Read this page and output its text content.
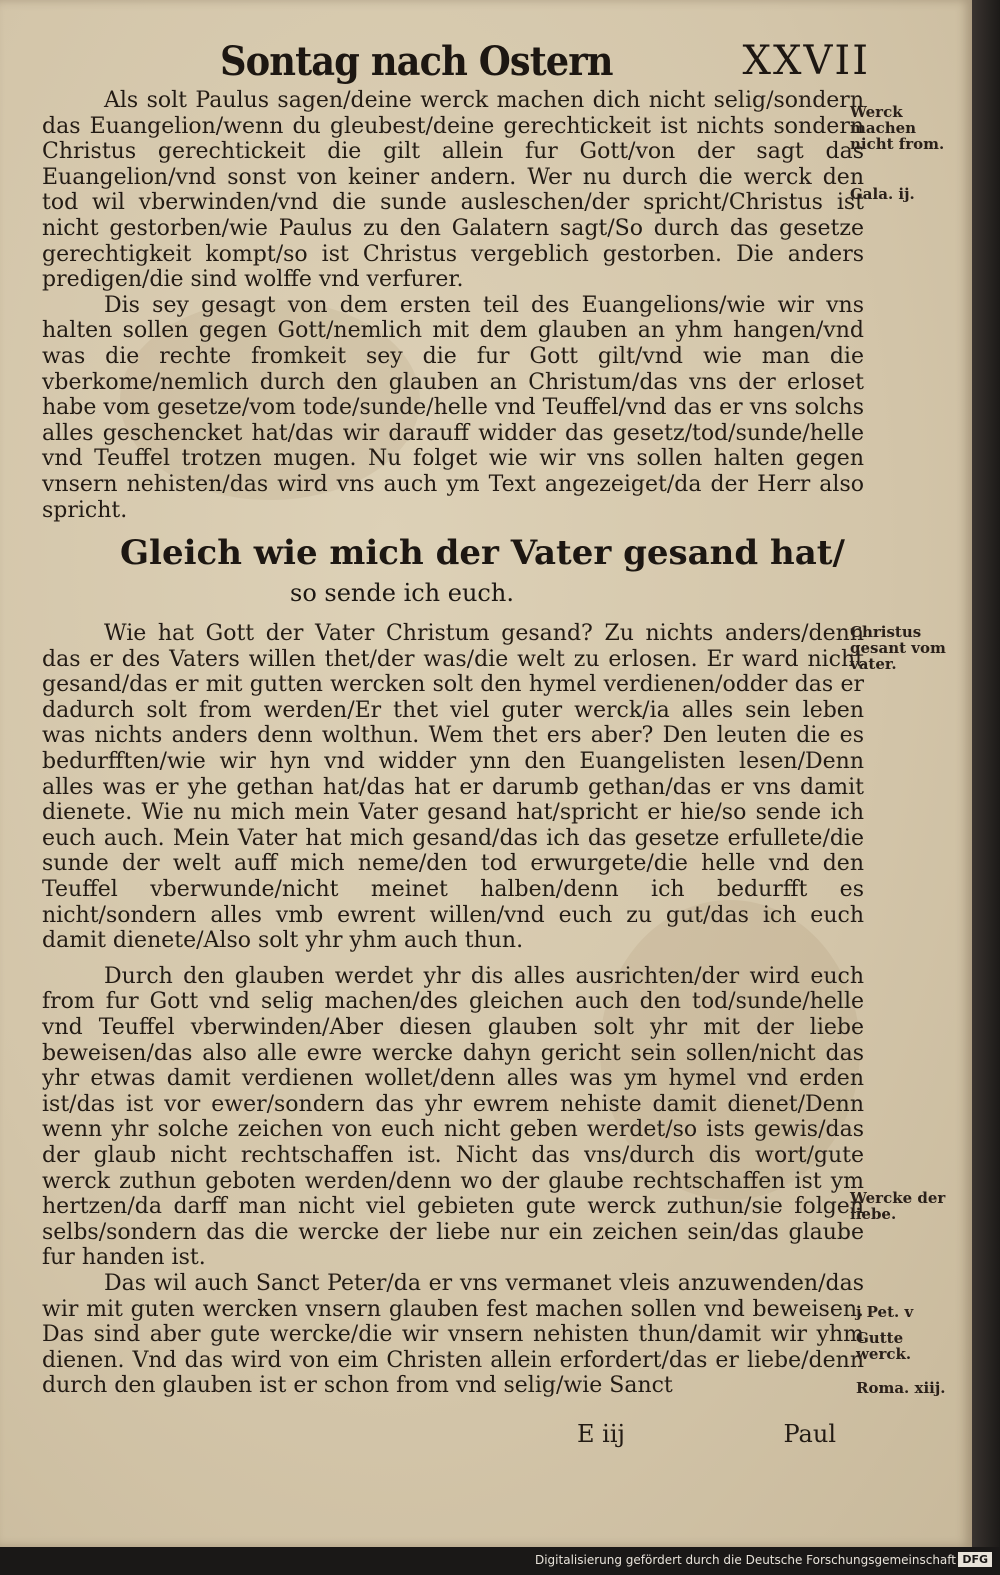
Sontag nach Ostern	XXVII

Als solt Paulus sagen/deine werck machen dich nicht selig/sondern das Euangelion/wenn du gleubest/deine gerechtickeit ist nichts sondern Christus gerechtickeit die gilt allein fur Gott/von der sagt das Euangelion/vnd sonst von keiner andern. Wer nu durch die werck den tod wil vberwinden/vnd die sunde ausleschen/der spricht/Christus ist nicht gestorben/wie Paulus zu den Galatern sagt/So durch das gesetze gerechtigkeit kompt/so ist Christus vergeblich gestorben. Die anders predigen/die sind wolffe vnd verfurer.

Dis sey gesagt von dem ersten teil des Euangelions/wie wir vns halten sollen gegen Gott/nemlich mit dem glauben an yhm hangen/vnd was die rechte fromkeit sey die fur Gott gilt/vnd wie man die vberkome/nemlich durch den glauben an Christum/das vns der erloset habe vom gesetze/vom tode/sunde/helle vnd Teuffel/vnd das er vns solchs alles geschencket hat/das wir darauff widder das gesetz/tod/sunde/helle vnd Teuffel trotzen mugen. Nu folget wie wir vns sollen halten gegen vnsern nehisten/das wird vns auch ym Text angezeiget/da der Herr also spricht.

Gleich wie mich der Vater gesand hat/
so sende ich euch.

Wie hat Gott der Vater Christum gesand? Zu nichts anders/denn das er des Vaters willen thet/der was/die welt zu erlosen. Er ward nicht gesand/das er mit gutten wercken solt den hymel verdienen/odder das er dadurch solt from werden/Er thet viel guter werck/ia alles sein leben was nichts anders denn wolthun. Wem thet ers aber? Den leuten die es bedurfften/wie wir hyn vnd widder ynn den Euangelisten lesen/Denn alles was er yhe gethan hat/das hat er darumb gethan/das er vns damit dienete. Wie nu mich mein Vater gesand hat/spricht er hie/so sende ich euch auch. Mein Vater hat mich gesand/das ich das gesetze erfullete/die sunde der welt auff mich neme/den tod erwurgete/die helle vnd den Teuffel vberwunde/nicht meinet halben/denn ich bedurfft es nicht/sondern alles vmb ewrent willen/vnd euch zu gut/das ich euch damit dienete/Also solt yhr yhm auch thun.

Durch den glauben werdet yhr dis alles ausrichten/der wird euch from fur Gott vnd selig machen/des gleichen auch den tod/sunde/helle vnd Teuffel vberwinden/Aber diesen glauben solt yhr mit der liebe beweisen/das also alle ewre wercke dahyn gericht sein sollen/nicht das yhr etwas damit verdienen wollet/denn alles was ym hymel vnd erden ist/das ist vor ewer/sondern das yhr ewrem nehiste damit dienet/Denn wenn yhr solche zeichen von euch nicht geben werdet/so ists gewis/das der glaub nicht rechtschaffen ist. Nicht das vns/durch dis wort/gute werck zuthun geboten werden/denn wo der glaube rechtschaffen ist ym hertzen/da darff man nicht viel gebieten gute werck zuthun/sie folgen selbs/sondern das die wercke der liebe nur ein zeichen sein/das glaube fur handen ist.

Das wil auch Sanct Peter/da er vns vermanet vleis anzuwenden/das wir mit guten wercken vnsern glauben fest machen sollen vnd beweisen. Das sind aber gute wercke/die wir vnsern nehisten thun/damit wir yhm dienen. Vnd das wird von eim Christen allein erfordert/das er liebe/denn durch den glauben ist er schon from vnd selig/wie Sanct

E iij	Paul
Werck machen nicht from.
Gala. ij.
Christus gesant vom vater.
Wercke der liebe.
j Pet. v
Gutte werck.
Roma. xiij.
Digitalisierung gefördert durch die Deutsche Forschungsgemeinschaft DFG
